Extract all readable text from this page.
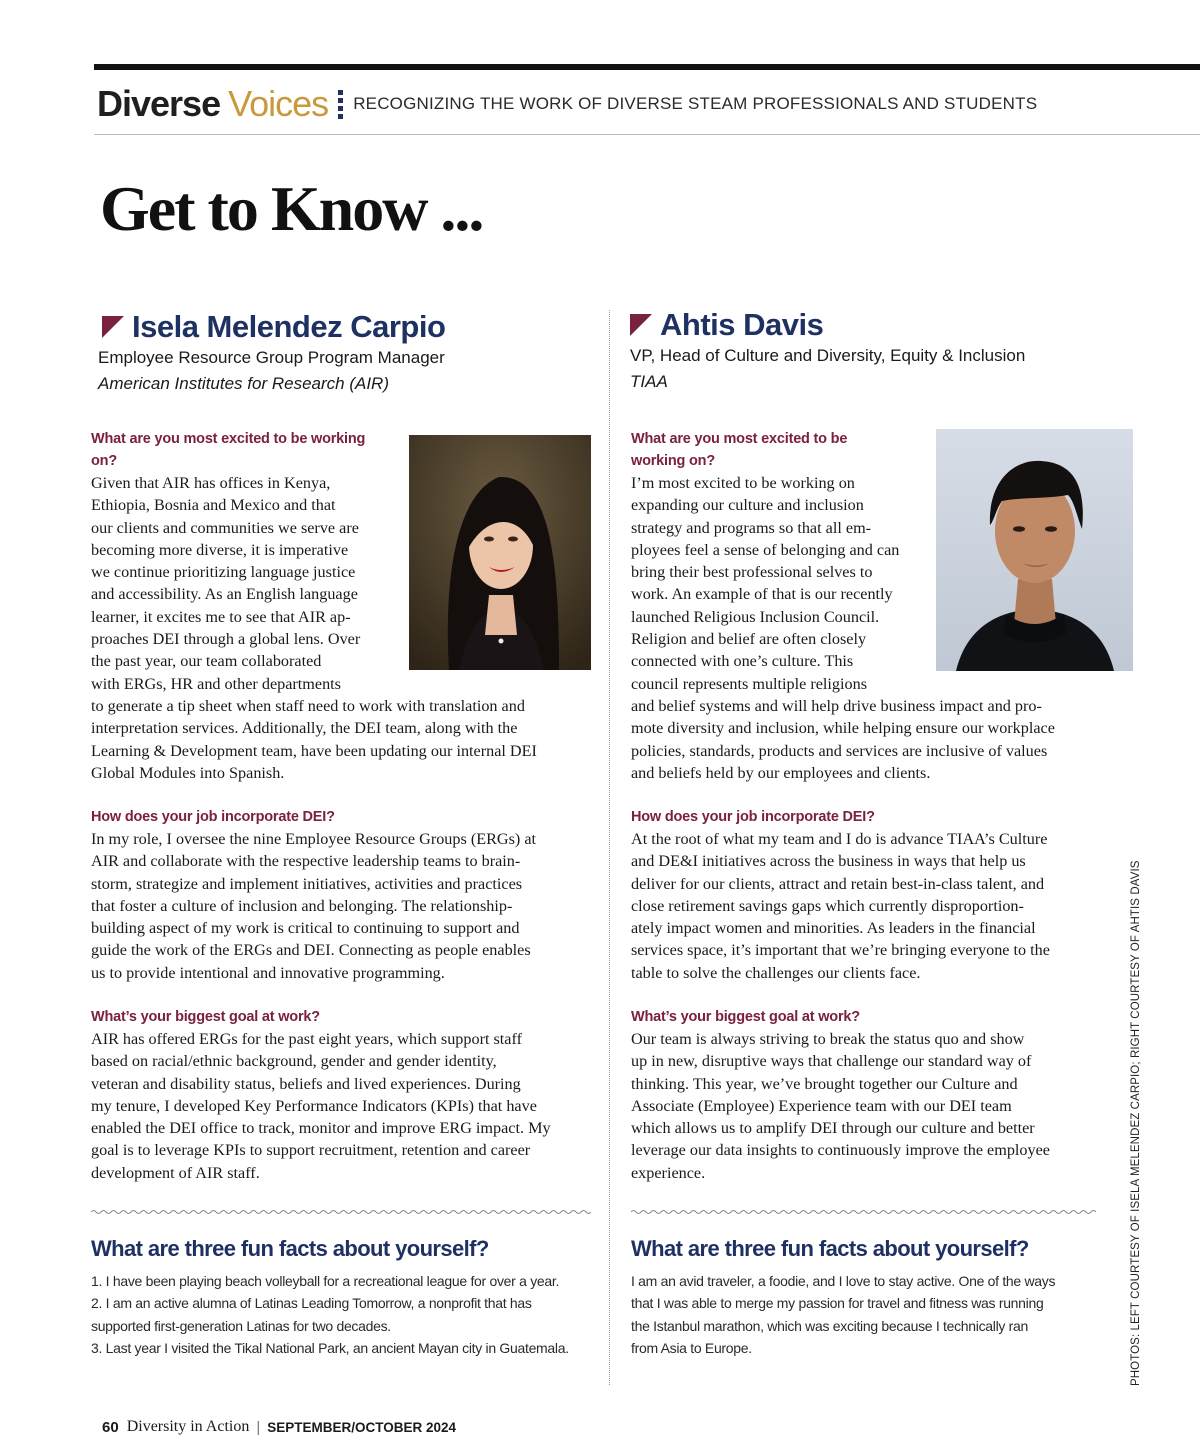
Diverse Voices RECOGNIZING THE WORK OF DIVERSE STEAM PROFESSIONALS AND STUDENTS
Get to Know ...
Isela Melendez Carpio
Employee Resource Group Program Manager
American Institutes for Research (AIR)
What are you most excited to be working
on?
Given that AIR has offices in Kenya,
Ethiopia, Bosnia and Mexico and that
our clients and communities we serve are
becoming more diverse, it is imperative
we continue prioritizing language justice
and accessibility. As an English language
learner, it excites me to see that AIR ap-
proaches DEI through a global lens. Over
the past year, our team collaborated
with ERGs, HR and other departments
to generate a tip sheet when staff need to work with translation and
interpretation services. Additionally, the DEI team, along with the
Learning & Development team, have been updating our internal DEI
Global Modules into Spanish.
How does your job incorporate DEI?
In my role, I oversee the nine Employee Resource Groups (ERGs) at
AIR and collaborate with the respective leadership teams to brain-
storm, strategize and implement initiatives, activities and practices
that foster a culture of inclusion and belonging. The relationship-
building aspect of my work is critical to continuing to support and
guide the work of the ERGs and DEI. Connecting as people enables
us to provide intentional and innovative programming.
What’s your biggest goal at work?
AIR has offered ERGs for the past eight years, which support staff
based on racial/ethnic background, gender and gender identity,
veteran and disability status, beliefs and lived experiences. During
my tenure, I developed Key Performance Indicators (KPIs) that have
enabled the DEI office to track, monitor and improve ERG impact. My
goal is to leverage KPIs to support recruitment, retention and career
development of AIR staff.
What are three fun facts about yourself?
1. I have been playing beach volleyball for a recreational league for over a year.
2. I am an active alumna of Latinas Leading Tomorrow, a nonprofit that has
supported first-generation Latinas for two decades.
3. Last year I visited the Tikal National Park, an ancient Mayan city in Guatemala.
Ahtis Davis
VP, Head of Culture and Diversity, Equity & Inclusion
TIAA
What are you most excited to be
working on?
I’m most excited to be working on
expanding our culture and inclusion
strategy and programs so that all em-
ployees feel a sense of belonging and can
bring their best professional selves to
work. An example of that is our recently
launched Religious Inclusion Council.
Religion and belief are often closely
connected with one’s culture. This
council represents multiple religions
and belief systems and will help drive business impact and pro-
mote diversity and inclusion, while helping ensure our workplace
policies, standards, products and services are inclusive of values
and beliefs held by our employees and clients.
How does your job incorporate DEI?
At the root of what my team and I do is advance TIAA’s Culture
and DE&I initiatives across the business in ways that help us
deliver for our clients, attract and retain best-in-class talent, and
close retirement savings gaps which currently disproportion-
ately impact women and minorities. As leaders in the financial
services space, it’s important that we’re bringing everyone to the
table to solve the challenges our clients face.
What’s your biggest goal at work?
Our team is always striving to break the status quo and show
up in new, disruptive ways that challenge our standard way of
thinking. This year, we’ve brought together our Culture and
Associate (Employee) Experience team with our DEI team
which allows us to amplify DEI through our culture and better
leverage our data insights to continuously improve the employee
experience.
What are three fun facts about yourself?
I am an avid traveler, a foodie, and I love to stay active. One of the ways
that I was able to merge my passion for travel and fitness was running
the Istanbul marathon, which was exciting because I technically ran
from Asia to Europe.	PHOTOS: LEFT COURTESY OF ISELA MELENDEZ CARPIO; RIGHT COURTESY OF AHTIS DAVIS
60 Diversity in Action | SEPTEMBER/OCTOBER 2024
